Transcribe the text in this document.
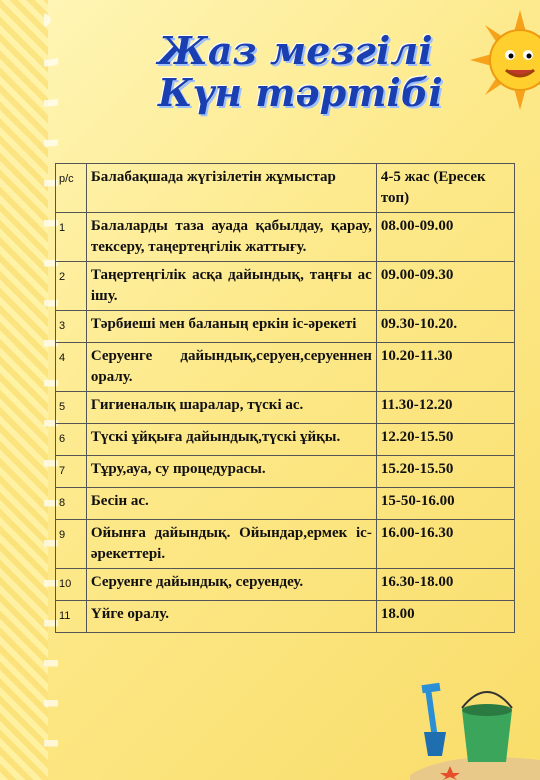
Жаз мезгілі
Күн тәртібі
р/с	Балабақшада жүгізілетін жұмыстар	4-5 жас (Ересек топ)
1	Балаларды таза ауада қабылдау, қарау, тексеру, таңертеңгілік жаттығу.	08.00-09.00
2	Таңертеңгілік асқа дайындық, таңғы ас ішу.	09.00-09.30
3	Тәрбиеші мен баланың еркін іс-әрекеті	09.30-10.20.
4	Серуенге дайындық,серуен,серуеннен оралу.	10.20-11.30
5	Гигиеналық шаралар, түскі ас.	11.30-12.20
6	Түскі ұйқыға дайындық,түскі ұйқы.	12.20-15.50
7	Тұру,ауа, су процедурасы.	15.20-15.50
8	Бесін ас.	15-50-16.00
9	Ойынға дайындық. Ойындар,ермек іс-әрекеттері.	16.00-16.30
10	Серуенге дайындық, серуендеу.	16.30-18.00
11	Үйге оралу.	18.00
